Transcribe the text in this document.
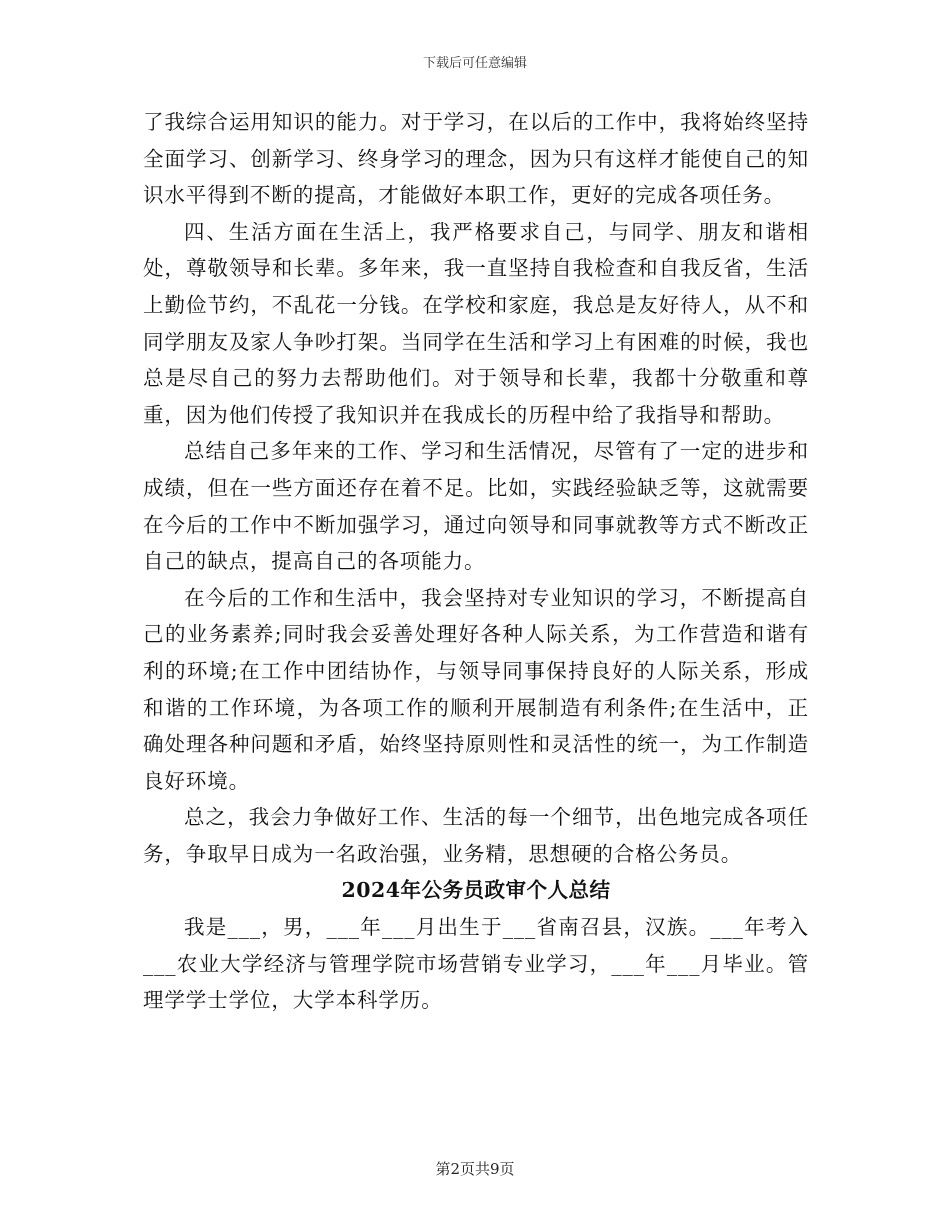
下载后可任意编辑

了我综合运用知识的能力。对于学习，在以后的工作中，我将始终坚持全面学习、创新学习、终身学习的理念，因为只有这样才能使自己的知识水平得到不断的提高，才能做好本职工作，更好的完成各项任务。

四、生活方面在生活上，我严格要求自己，与同学、朋友和谐相处，尊敬领导和长辈。多年来，我一直坚持自我检查和自我反省，生活上勤俭节约，不乱花一分钱。在学校和家庭，我总是友好待人，从不和同学朋友及家人争吵打架。当同学在生活和学习上有困难的时候，我也总是尽自己的努力去帮助他们。对于领导和长辈，我都十分敬重和尊重，因为他们传授了我知识并在我成长的历程中给了我指导和帮助。

总结自己多年来的工作、学习和生活情况，尽管有了一定的进步和成绩，但在一些方面还存在着不足。比如，实践经验缺乏等，这就需要在今后的工作中不断加强学习，通过向领导和同事就教等方式不断改正自己的缺点，提高自己的各项能力。

在今后的工作和生活中，我会坚持对专业知识的学习，不断提高自己的业务素养;同时我会妥善处理好各种人际关系，为工作营造和谐有利的环境;在工作中团结协作，与领导同事保持良好的人际关系，形成和谐的工作环境，为各项工作的顺利开展制造有利条件;在生活中，正确处理各种问题和矛盾，始终坚持原则性和灵活性的统一，为工作制造良好环境。

总之，我会力争做好工作、生活的每一个细节，出色地完成各项任务，争取早日成为一名政治强，业务精，思想硬的合格公务员。

2024年公务员政审个人总结

我是___，男，___年___月出生于___省南召县，汉族。___年考入___农业大学经济与管理学院市场营销专业学习，___年___月毕业。管理学学士学位，大学本科学历。

第2页共9页
